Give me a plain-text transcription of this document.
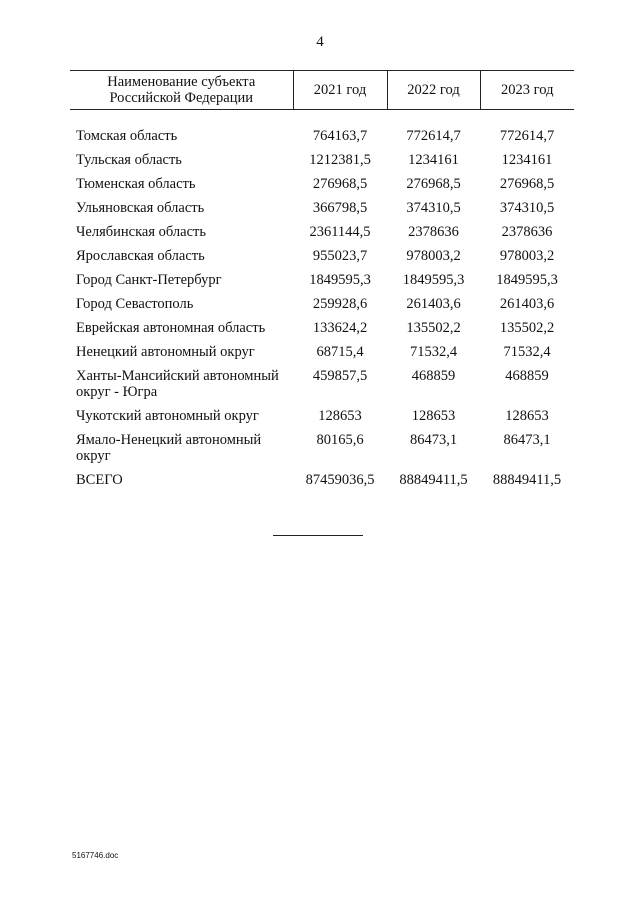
4
Наименование субъекта Российской Федерации	2021 год	2022 год	2023 год

Томская область	764163,7	772614,7	772614,7
Тульская область	1212381,5	1234161	1234161
Тюменская область	276968,5	276968,5	276968,5
Ульяновская область	366798,5	374310,5	374310,5
Челябинская область	2361144,5	2378636	2378636
Ярославская область	955023,7	978003,2	978003,2
Город Санкт-Петербург	1849595,3	1849595,3	1849595,3
Город Севастополь	259928,6	261403,6	261403,6
Еврейская автономная область	133624,2	135502,2	135502,2
Ненецкий автономный округ	68715,4	71532,4	71532,4
Ханты-Мансийский автономный округ - Югра	459857,5	468859	468859
Чукотский автономный округ	128653	128653	128653
Ямало-Ненецкий автономный округ	80165,6	86473,1	86473,1
ВСЕГО	87459036,5	88849411,5	88849411,5
5167746.doc
